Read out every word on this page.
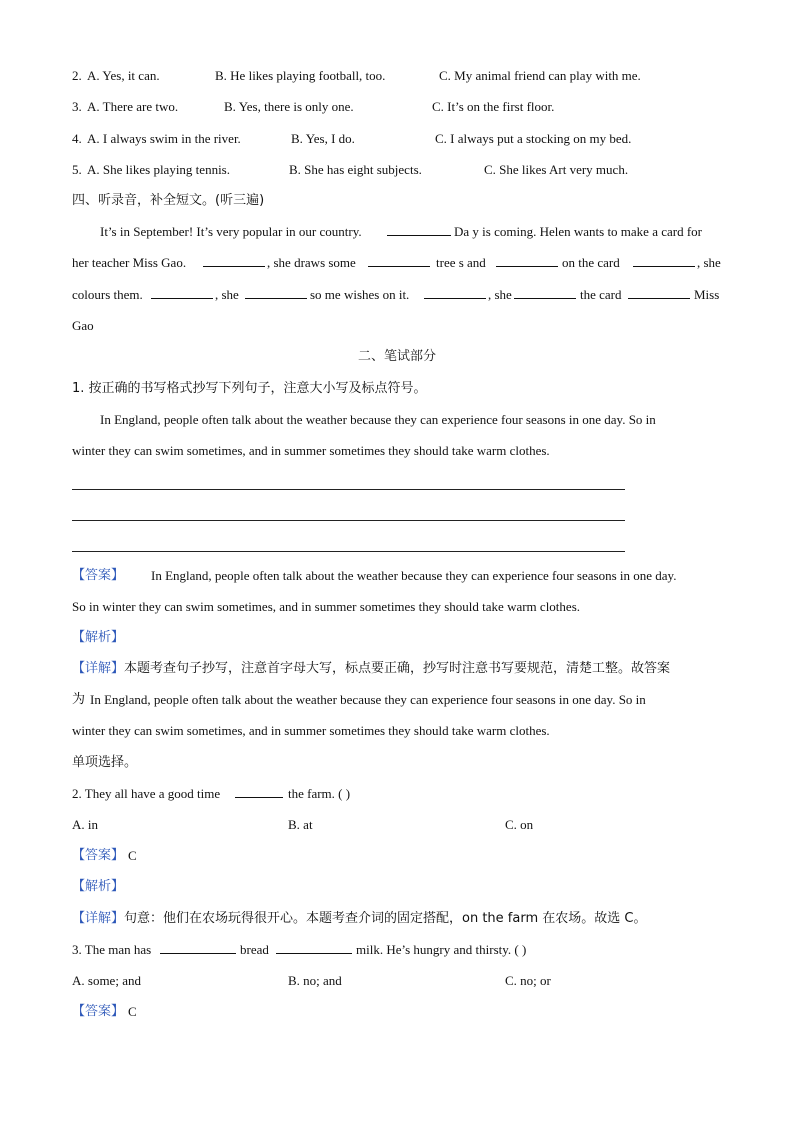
2. A. Yes, it can.	B. He likes playing football, too.	C. My animal friend can play with me.
3. A. There are two.	B. Yes, there is only one.	C. It’s on the first floor.
4. A. I always swim in the river.	B. Yes, I do.	C. I always put a stocking on my bed.
5. A. She likes playing tennis.	B. She has eight subjects.	C. She likes Art very much.
四、听录音，补全短文。(听三遍)
It’s in September! It’s very popular in our country.	Da y is coming. Helen wants to make a card for
her teacher Miss Gao.	, she draws some	tree s and	on the card	, she
colours them.	, she	so me wishes on it.	, she	the card	Miss
Gao
二、笔试部分
1. 按正确的书写格式抄写下列句子，注意大小写及标点符号。
In England, people often talk about the weather because they can experience four seasons in one day. So in
winter they can swim sometimes, and in summer sometimes they should take warm clothes.
【答案】 In England, people often talk about the weather because they can experience four seasons in one day.
So in winter they can swim sometimes, and in summer sometimes they should take warm clothes.
【解析】
【详解】 本题考查句子抄写，注意首字母大写，标点要正确，抄写时注意书写要规范，清楚工整。故答案
为 In England, people often talk about the weather because they can experience four seasons in one day. So in
winter they can swim sometimes, and in summer sometimes they should take warm clothes.
单项选择。
2. They all have a good time	the farm. ( )
A. in	B. at	C. on
【答案】 C
【解析】
【详解】 句意：他们在农场玩得很开心。本题考查介词的固定搭配，on the farm 在农场。故选 C。
3. The man has	bread	milk. He’s hungry and thirsty. ( )
A. some; and	B. no; and	C. no; or
【答案】 C
